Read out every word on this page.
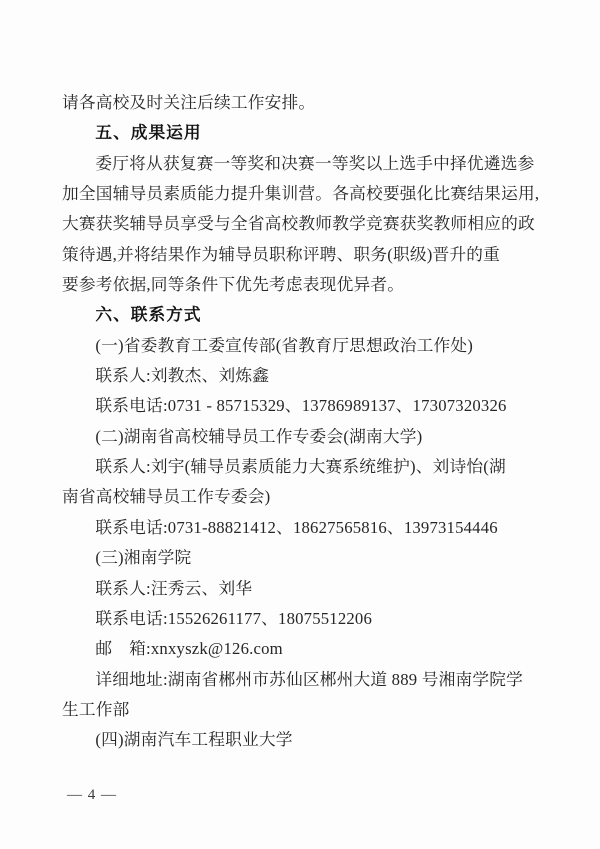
请各高校及时关注后续工作安排。
五、成果运用
委厅将从获复赛一等奖和决赛一等奖以上选手中择优遴选参
加全国辅导员素质能力提升集训营。各高校要强化比赛结果运用,
大赛获奖辅导员享受与全省高校教师教学竞赛获奖教师相应的政
策待遇,并将结果作为辅导员职称评聘、职务(职级)晋升的重
要参考依据,同等条件下优先考虑表现优异者。
六、联系方式
(一)省委教育工委宣传部(省教育厅思想政治工作处)
联系人:刘教杰、刘炼鑫
联系电话:0731 - 85715329、13786989137、17307320326
(二)湖南省高校辅导员工作专委会(湖南大学)
联系人:刘宇(辅导员素质能力大赛系统维护)、刘诗怡(湖
南省高校辅导员工作专委会)
联系电话:0731-88821412、18627565816、13973154446
(三)湘南学院
联系人:汪秀云、刘华
联系电话:15526261177、18075512206
邮　箱:xnxyszk@126.com
详细地址:湖南省郴州市苏仙区郴州大道 889 号湘南学院学
生工作部
(四)湖南汽车工程职业大学
— 4 —
